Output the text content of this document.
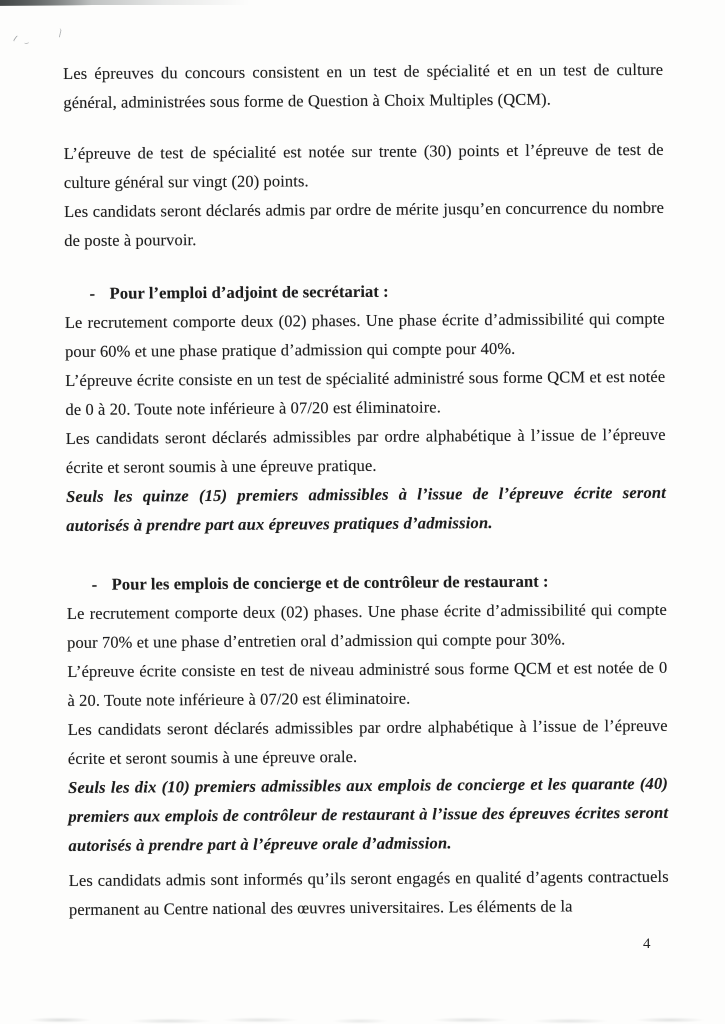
Les épreuves du concours consistent en un test de spécialité et en un test de culture général, administrées sous forme de Question à Choix Multiples (QCM).

L’épreuve de test de spécialité est notée sur trente (30) points et l’épreuve de test de culture général sur vingt (20) points.

Les candidats seront déclarés admis par ordre de mérite jusqu’en concurrence du nombre de poste à pourvoir.

- Pour l’emploi d’adjoint de secrétariat :

Le recrutement comporte deux (02) phases. Une phase écrite d’admissibilité qui compte pour 60% et une phase pratique d’admission qui compte pour 40%.

L’épreuve écrite consiste en un test de spécialité administré sous forme QCM et est notée de 0 à 20. Toute note inférieure à 07/20 est éliminatoire.

Les candidats seront déclarés admissibles par ordre alphabétique à l’issue de l’épreuve écrite et seront soumis à une épreuve pratique.

Seuls les quinze (15) premiers admissibles à l’issue de l’épreuve écrite seront autorisés à prendre part aux épreuves pratiques d’admission.

- Pour les emplois de concierge et de contrôleur de restaurant :

Le recrutement comporte deux (02) phases. Une phase écrite d’admissibilité qui compte pour 70% et une phase d’entretien oral d’admission qui compte pour 30%.

L’épreuve écrite consiste en test de niveau administré sous forme QCM et est notée de 0 à 20. Toute note inférieure à 07/20 est éliminatoire.

Les candidats seront déclarés admissibles par ordre alphabétique à l’issue de l’épreuve écrite et seront soumis à une épreuve orale.

Seuls les dix (10) premiers admissibles aux emplois de concierge et les quarante (40) premiers aux emplois de contrôleur de restaurant à l’issue des épreuves écrites seront autorisés à prendre part à l’épreuve orale d’admission.

Les candidats admis sont informés qu’ils seront engagés en qualité d’agents contractuels permanent au Centre national des œuvres universitaires. Les éléments de la

4
